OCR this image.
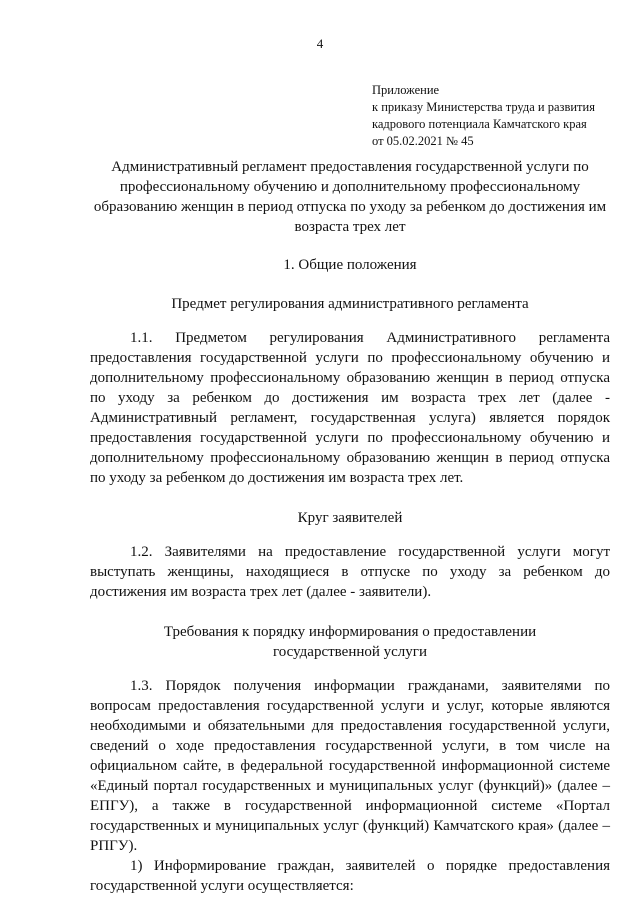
4
Приложение
к приказу Министерства труда и развития
кадрового потенциала Камчатского края
от 05.02.2021 № 45
Административный регламент предоставления государственной услуги по
профессиональному обучению и дополнительному профессиональному
образованию женщин в период отпуска по уходу за ребенком до достижения им
возраста трех лет
1. Общие положения
Предмет регулирования административного регламента

1.1. Предметом регулирования Административного регламента предоставления государственной услуги по профессиональному обучению и дополнительному профессиональному образованию женщин в период отпуска по уходу за ребенком до достижения им возраста трех лет (далее - Административный регламент, государственная услуга) является порядок предоставления государственной услуги по профессиональному обучению и дополнительному профессиональному образованию женщин в период отпуска по уходу за ребенком до достижения им возраста трех лет.

Круг заявителей

1.2. Заявителями на предоставление государственной услуги могут выступать женщины, находящиеся в отпуске по уходу за ребенком до достижения им возраста трех лет (далее - заявители).

Требования к порядку информирования о предоставлении
государственной услуги

1.3. Порядок получения информации гражданами, заявителями по вопросам предоставления государственной услуги и услуг, которые являются необходимыми и обязательными для предоставления государственной услуги, сведений о ходе предоставления государственной услуги, в том числе на официальном сайте, в федеральной государственной информационной системе «Единый портал государственных и муниципальных услуг (функций)» (далее – ЕПГУ), а также в государственной информационной системе «Портал государственных и муниципальных услуг (функций) Камчатского края» (далее – РПГУ).

1) Информирование граждан, заявителей о порядке предоставления государственной услуги осуществляется:
